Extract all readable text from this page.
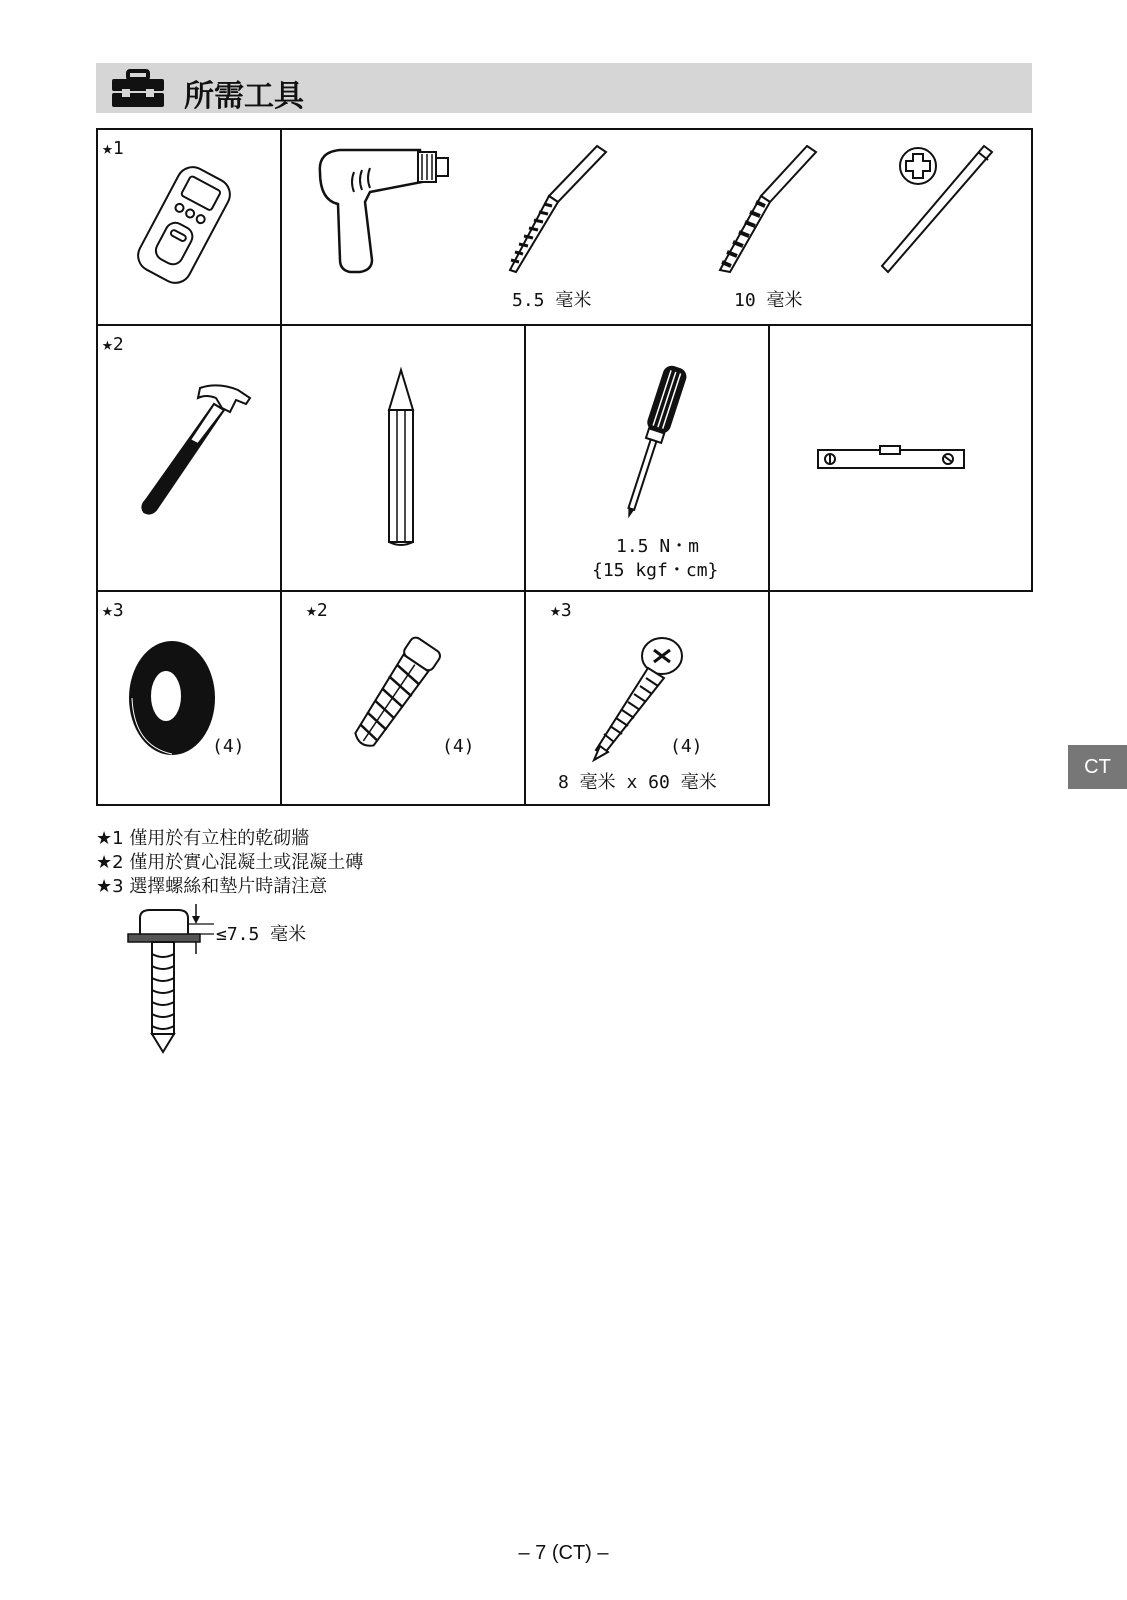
所需工具
★1
5.5 毫米	10 毫米
★2
1.5 N・m
{15 kgf・cm}
★3
(4)
★2
(4)
★3
(4)
8 毫米 x 60 毫米
★1 僅用於有立柱的乾砌牆
★2 僅用於實心混凝土或混凝土磚
★3 選擇螺絲和墊片時請注意
≤7.5 毫米
CT
– 7 (CT) –
